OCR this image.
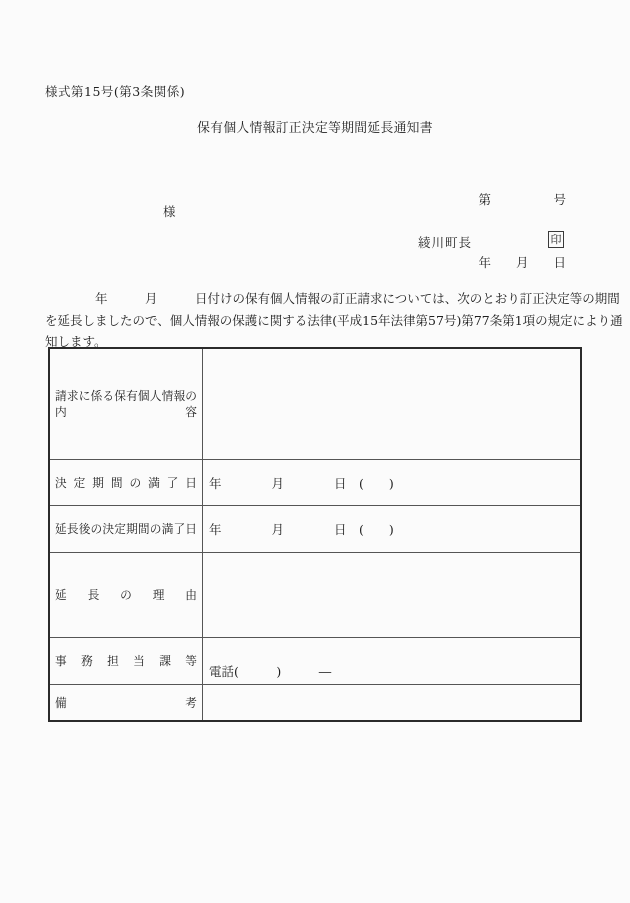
様式第15号(第3条関係)
保有個人情報訂正決定等期間延長通知書

第　　　　　号

年　　月　　日

様
綾川町長	印
　　　　年　　　月　　　日付けの保有個人情報の訂正請求については、次のとおり訂正決定等の期間
を延長しましたので、個人情報の保護に関する法律(平成15年法律第57号)第77条第1項の規定により通
知します。
請求に係る保有個人情報の
内容
決定期間の満了日 年　　　　月　　　　日　(　　)
延長後の決定期間の満了日 年　　　　月　　　　日　(　　)
延長の理由
事務担当課等
電話(　　　)　　　―
備考
